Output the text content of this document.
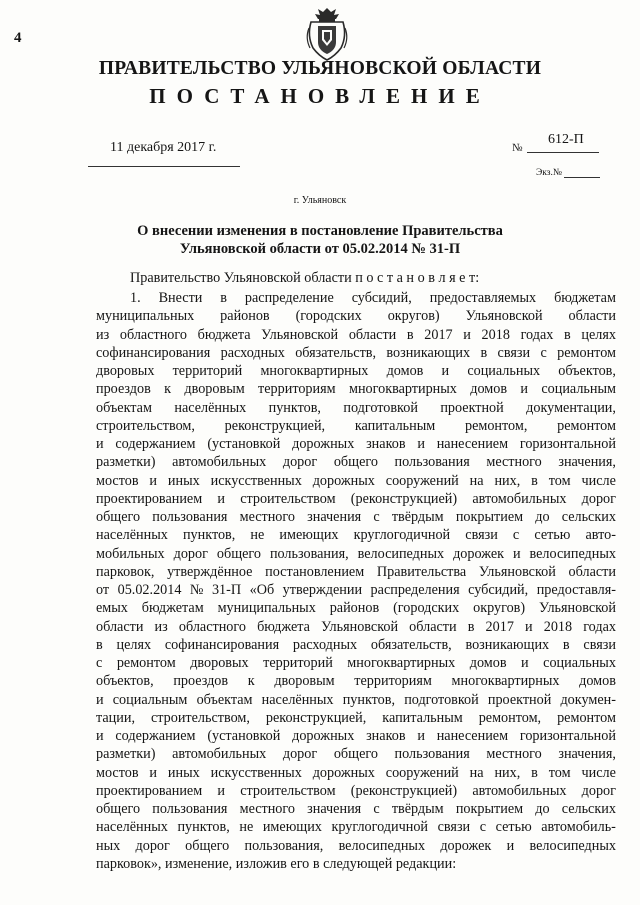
4
ПРАВИТЕЛЬСТВО УЛЬЯНОВСКОЙ ОБЛАСТИ
ПОСТАНОВЛЕНИЕ
11 декабря 2017 г.	№
612-П
Экз.№
г. Ульяновск
О внесении изменения в постановление Правительства
Ульяновской области от 05.02.2014 № 31-П
Правительство Ульяновской области п о с т а н о в л я е т:
1. Внести в распределение субсидий, предоставляемых бюджетам
муниципальных районов (городских округов) Ульяновской области
из областного бюджета Ульяновской области в 2017 и 2018 годах в целях
софинансирования расходных обязательств, возникающих в связи с ремонтом
дворовых территорий многоквартирных домов и социальных объектов,
проездов к дворовым территориям многоквартирных домов и социальным
объектам населённых пунктов, подготовкой проектной документации,
строительством, реконструкцией, капитальным ремонтом, ремонтом
и содержанием (установкой дорожных знаков и нанесением горизонтальной
разметки) автомобильных дорог общего пользования местного значения,
мостов и иных искусственных дорожных сооружений на них, в том числе
проектированием и строительством (реконструкцией) автомобильных дорог
общего пользования местного значения с твёрдым покрытием до сельских
населённых пунктов, не имеющих круглогодичной связи с сетью авто-
мобильных дорог общего пользования, велосипедных дорожек и велосипедных
парковок, утверждённое постановлением Правительства Ульяновской области
от 05.02.2014 № 31-П «Об утверждении распределения субсидий, предоставля-
емых бюджетам муниципальных районов (городских округов) Ульяновской
области из областного бюджета Ульяновской области в 2017 и 2018 годах
в целях софинансирования расходных обязательств, возникающих в связи
с ремонтом дворовых территорий многоквартирных домов и социальных
объектов, проездов к дворовым территориям многоквартирных домов
и социальным объектам населённых пунктов, подготовкой проектной докумен-
тации, строительством, реконструкцией, капитальным ремонтом, ремонтом
и содержанием (установкой дорожных знаков и нанесением горизонтальной
разметки) автомобильных дорог общего пользования местного значения,
мостов и иных искусственных дорожных сооружений на них, в том числе
проектированием и строительством (реконструкцией) автомобильных дорог
общего пользования местного значения с твёрдым покрытием до сельских
населённых пунктов, не имеющих круглогодичной связи с сетью автомобиль-
ных дорог общего пользования, велосипедных дорожек и велосипедных
парковок», изменение, изложив его в следующей редакции:
